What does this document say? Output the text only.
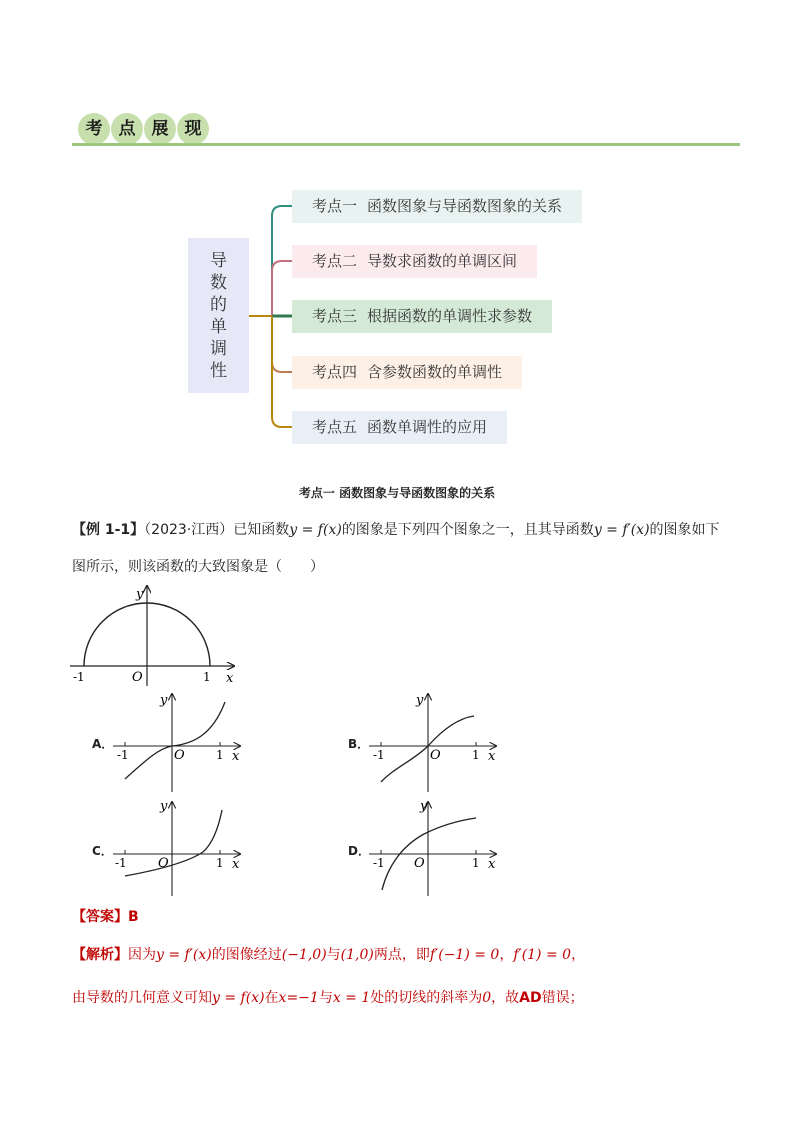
考 点 展 现
导数的单调性
考点一 函数图象与导函数图象的关系
考点二 导数求函数的单调区间
考点三 根据函数的单调性求参数
考点四 含参数函数的单调性
考点五 函数单调性的应用
考点一 函数图象与导函数图象的关系
【例 1-1】（2023·江西）已知函数y = f(x)的图象是下列四个图象之一，且其导函数y = f′(x)的图象如下
图所示，则该函数的大致图象是（　　）
y
x
O
-1	1
A．
y
x
O
-1	1
B．
y
x
O
-1	1
C．
y
x
O
-1	1
D．
y
x
O
-1	1
【答案】B
【解析】因为y = f′(x)的图像经过(−1,0)与(1,0)两点，即f′(−1) = 0，f′(1) = 0，
由导数的几何意义可知y = f(x)在x=−1与x = 1处的切线的斜率为0，故AD错误；
